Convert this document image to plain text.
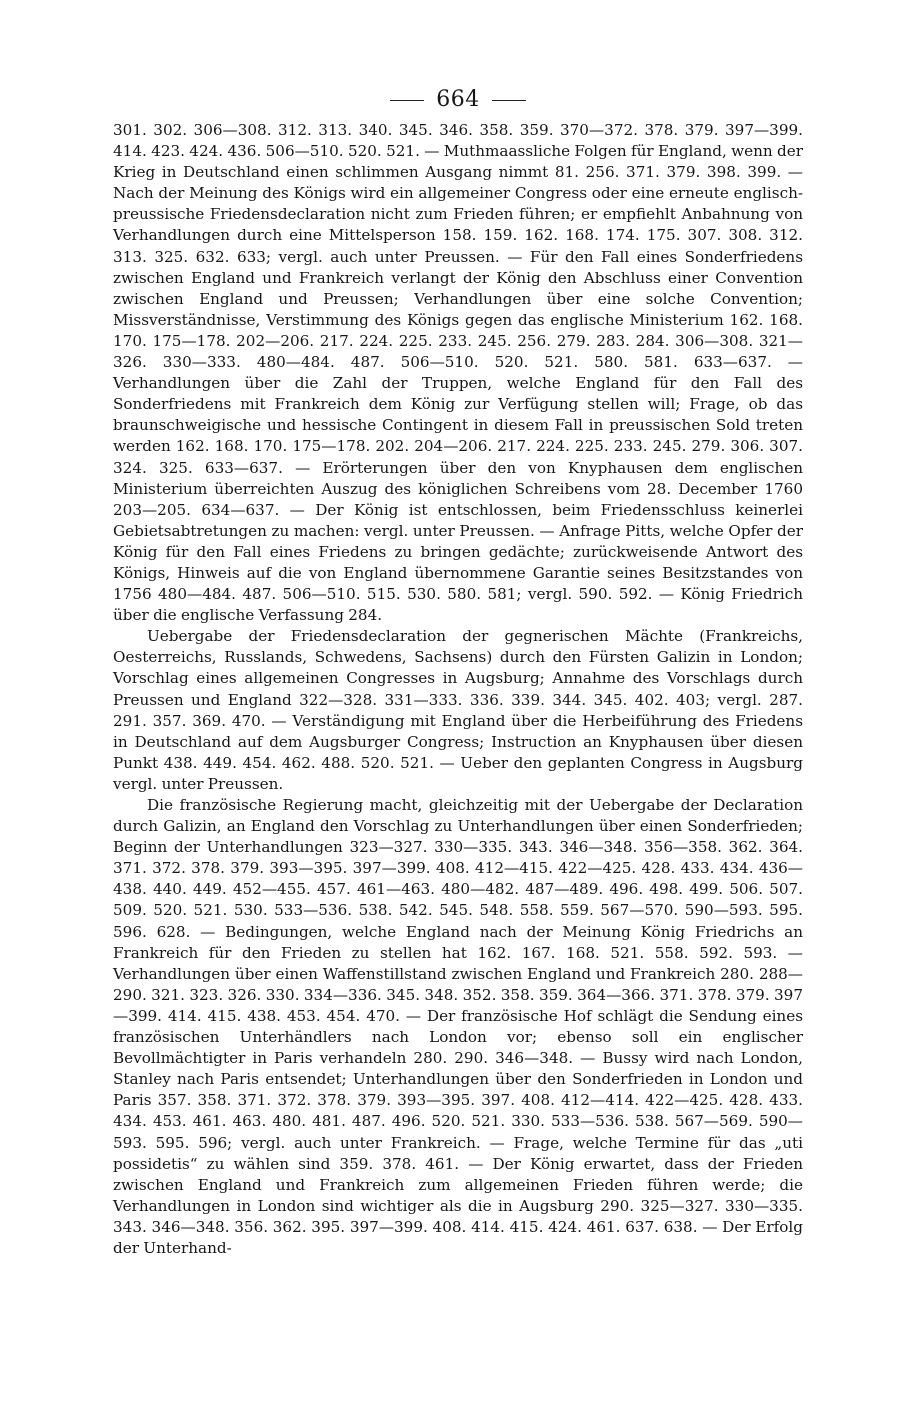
664

301. 302. 306—308. 312. 313. 340. 345. 346. 358. 359. 370—372. 378. 379. 397—399. 414. 423. 424. 436. 506—510. 520. 521. — Muthmaassliche Folgen für England, wenn der Krieg in Deutschland einen schlimmen Ausgang nimmt 81. 256. 371. 379. 398. 399. — Nach der Meinung des Königs wird ein allgemeiner Congress oder eine erneute englisch-preussische Friedensdeclaration nicht zum Frieden führen; er empfiehlt Anbahnung von Verhandlungen durch eine Mittelsperson 158. 159. 162. 168. 174. 175. 307. 308. 312. 313. 325. 632. 633; vergl. auch unter Preussen. — Für den Fall eines Sonderfriedens zwischen England und Frankreich verlangt der König den Abschluss einer Convention zwischen England und Preussen; Verhandlungen über eine solche Convention; Missverständnisse, Verstimmung des Königs gegen das englische Ministerium 162. 168. 170. 175—178. 202—206. 217. 224. 225. 233. 245. 256. 279. 283. 284. 306—308. 321—326. 330—333. 480—484. 487. 506—510. 520. 521. 580. 581. 633—637. — Verhandlungen über die Zahl der Truppen, welche England für den Fall des Sonderfriedens mit Frankreich dem König zur Verfügung stellen will; Frage, ob das braunschweigische und hessische Contingent in diesem Fall in preussischen Sold treten werden 162. 168. 170. 175—178. 202. 204—206. 217. 224. 225. 233. 245. 279. 306. 307. 324. 325. 633—637. — Erörterungen über den von Knyphausen dem englischen Ministerium überreichten Auszug des königlichen Schreibens vom 28. December 1760 203—205. 634—637. — Der König ist entschlossen, beim Friedensschluss keinerlei Gebietsabtretungen zu machen: vergl. unter Preussen. — Anfrage Pitts, welche Opfer der König für den Fall eines Friedens zu bringen gedächte; zurückweisende Antwort des Königs, Hinweis auf die von England übernommene Garantie seines Besitzstandes von 1756 480—484. 487. 506—510. 515. 530. 580. 581; vergl. 590. 592. — König Friedrich über die englische Verfassung 284.

Uebergabe der Friedensdeclaration der gegnerischen Mächte (Frankreichs, Oesterreichs, Russlands, Schwedens, Sachsens) durch den Fürsten Galizin in London; Vorschlag eines allgemeinen Congresses in Augsburg; Annahme des Vorschlags durch Preussen und England 322—328. 331—333. 336. 339. 344. 345. 402. 403; vergl. 287. 291. 357. 369. 470. — Verständigung mit England über die Herbeiführung des Friedens in Deutschland auf dem Augsburger Congress; Instruction an Knyphausen über diesen Punkt 438. 449. 454. 462. 488. 520. 521. — Ueber den geplanten Congress in Augsburg vergl. unter Preussen.

Die französische Regierung macht, gleichzeitig mit der Uebergabe der Declaration durch Galizin, an England den Vorschlag zu Unterhandlungen über einen Sonderfrieden; Beginn der Unterhandlungen 323—327. 330—335. 343. 346—348. 356—358. 362. 364. 371. 372. 378. 379. 393—395. 397—399. 408. 412—415. 422—425. 428. 433. 434. 436—438. 440. 449. 452—455. 457. 461—463. 480—482. 487—489. 496. 498. 499. 506. 507. 509. 520. 521. 530. 533—536. 538. 542. 545. 548. 558. 559. 567—570. 590—593. 595. 596. 628. — Bedingungen, welche England nach der Meinung König Friedrichs an Frankreich für den Frieden zu stellen hat 162. 167. 168. 521. 558. 592. 593. — Verhandlungen über einen Waffenstillstand zwischen England und Frankreich 280. 288—290. 321. 323. 326. 330. 334—336. 345. 348. 352. 358. 359. 364—366. 371. 378. 379. 397—399. 414. 415. 438. 453. 454. 470. — Der französische Hof schlägt die Sendung eines französischen Unterhändlers nach London vor; ebenso soll ein englischer Bevollmächtigter in Paris verhandeln 280. 290. 346—348. — Bussy wird nach London, Stanley nach Paris entsendet; Unterhandlungen über den Sonderfrieden in London und Paris 357. 358. 371. 372. 378. 379. 393—395. 397. 408. 412—414. 422—425. 428. 433. 434. 453. 461. 463. 480. 481. 487. 496. 520. 521. 330. 533—536. 538. 567—569. 590—593. 595. 596; vergl. auch unter Frankreich. — Frage, welche Termine für das „uti possidetis“ zu wählen sind 359. 378. 461. — Der König erwartet, dass der Frieden zwischen England und Frankreich zum allgemeinen Frieden führen werde; die Verhandlungen in London sind wichtiger als die in Augsburg 290. 325—327. 330—335. 343. 346—348. 356. 362. 395. 397—399. 408. 414. 415. 424. 461. 637. 638. — Der Erfolg der Unterhand-
